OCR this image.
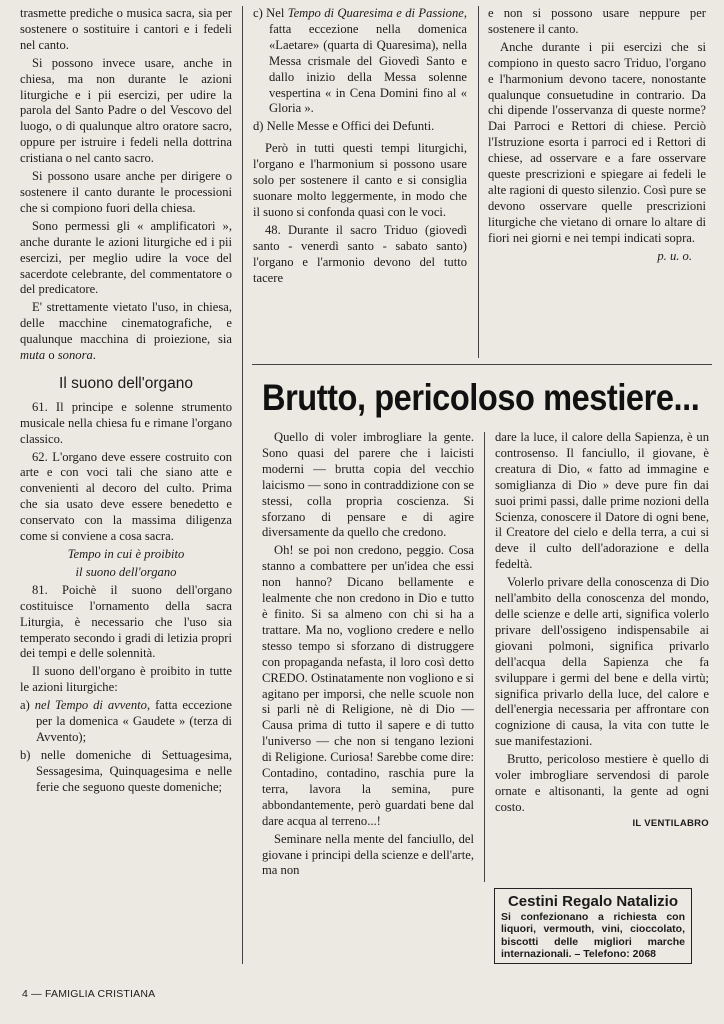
trasmette prediche o musica sacra, sia per sostenere o sostituire i cantori e i fedeli nel canto.

Si possono invece usare, anche in chiesa, ma non durante le azioni liturgiche e i pii esercizi, per udire la parola del Santo Padre o del Vescovo del luogo, o di qualunque altro oratore sacro, oppure per istruire i fedeli nella dottrina cristiana o nel canto sacro.

Si possono usare anche per dirigere o sostenere il canto durante le processioni che si compiono fuori della chiesa.

Sono permessi gli « amplificatori », anche durante le azioni liturgiche ed i pii esercizi, per meglio udire la voce del sacerdote celebrante, del commentatore o del predicatore.

E' strettamente vietato l'uso, in chiesa, delle macchine cinematografiche, e qualunque macchina di proiezione, sia muta o sonora.

Il suono dell'organo

61. Il principe e solenne strumento musicale nella chiesa fu e rimane l'organo classico.

62. L'organo deve essere costruito con arte e con voci tali che siano atte e convenienti al decoro del culto. Prima che sia usato deve essere benedetto e conservato con la massima diligenza come si conviene a cosa sacra.

Tempo in cui è proibito

il suono dell'organo

81. Poichè il suono dell'organo costituisce l'ornamento della sacra Liturgia, è necessario che l'uso sia temperato secondo i gradi di letizia propri dei tempi e delle solennità.

Il suono dell'organo è proibito in tutte le azioni liturgiche:

a) nel Tempo di avvento, fatta eccezione per la domenica « Gaudete » (terza di Avvento);

b) nelle domeniche di Settuagesima, Sessagesima, Quinquagesima e nelle ferie che seguono queste domeniche;

c) Nel Tempo di Quaresima e di Passione, fatta eccezione nella domenica «Laetare» (quarta di Quaresima), nella Messa crismale del Giovedì Santo e dallo inizio della Messa solenne vespertina « in Cena Domini fino al « Gloria ».

d) Nelle Messe e Offici dei Defunti.

Però in tutti questi tempi liturgichi, l'organo e l'harmonium si possono usare solo per sostenere il canto e si consiglia suonare molto leggermente, in modo che il suono si confonda quasi con le voci.

48. Durante il sacro Triduo (giovedì santo - venerdì santo - sabato santo) l'organo e l'armonio devono del tutto tacere

e non si possono usare neppure per sostenere il canto.

Anche durante i pii esercizi che si compiono in questo sacro Triduo, l'organo e l'harmonium devono tacere, nonostante qualunque consuetudine in contrario. Da chi dipende l'osservanza di queste norme? Dai Parroci e Rettori di chiese. Perciò l'Istruzione esorta i parroci ed i Rettori di chiese, ad osservare e a fare osservare queste prescrizioni e spiegare ai fedeli le alte ragioni di questo silenzio. Così pure se devono osservare quelle prescrizioni liturgiche che vietano di ornare lo altare di fiori nei giorni e nei tempi indicati sopra.

p. u. o.

Brutto, pericoloso mestiere...

Quello di voler imbrogliare la gente. Sono quasi del parere che i laicisti moderni — brutta copia del vecchio laicismo — sono in contraddizione con se stessi, colla propria coscienza. Si sforzano di pensare e di agire diversamente da quello che credono.

Oh! se poi non credono, peggio. Cosa stanno a combattere per un'idea che essi non hanno? Dicano bellamente e lealmente che non credono in Dio e tutto è finito. Si sa almeno con chi si ha a trattare. Ma no, vogliono credere e nello stesso tempo si sforzano di distruggere con propaganda nefasta, il loro così detto CREDO. Ostinatamente non vogliono e si agitano per imporsi, che nelle scuole non si parli nè di Religione, nè di Dio — Causa prima di tutto il sapere e di tutto l'universo — che non si tengano lezioni di Religione. Curiosa! Sarebbe come dire: Contadino, contadino, raschia pure la terra, lavora la semina, pure abbondantemente, però guardati bene dal dare acqua al terreno...!

Seminare nella mente del fanciullo, del giovane i principi della scienze e dell'arte, ma non

dare la luce, il calore della Sapienza, è un controsenso. Il fanciullo, il giovane, è creatura di Dio, « fatto ad immagine e somiglianza di Dio » deve pure fin dai suoi primi passi, dalle prime nozioni della Scienza, conoscere il Datore di ogni bene, il Creatore del cielo e della terra, a cui si deve il culto dell'adorazione e della fedeltà.

Volerlo privare della conoscenza di Dio nell'ambito della conoscenza del mondo, delle scienze e delle arti, significa volerlo privare dell'ossigeno indispensabile ai giovani polmoni, significa privarlo dell'acqua della Sapienza che fa sviluppare i germi del bene e della virtù; significa privarlo della luce, del calore e dell'energia necessaria per affrontare con cognizione di causa, la vita con tutte le sue manifestazioni.

Brutto, pericoloso mestiere è quello di voler imbrogliare servendosi di parole ornate e altisonanti, la gente ad ogni costo.

IL VENTILABRO
Cestini Regalo Natalizio
Si confezionano a richiesta con liquori, vermouth, vini, cioccolato, biscotti delle migliori marche internazionali. – Telefono: 2068
4 — FAMIGLIA CRISTIANA
